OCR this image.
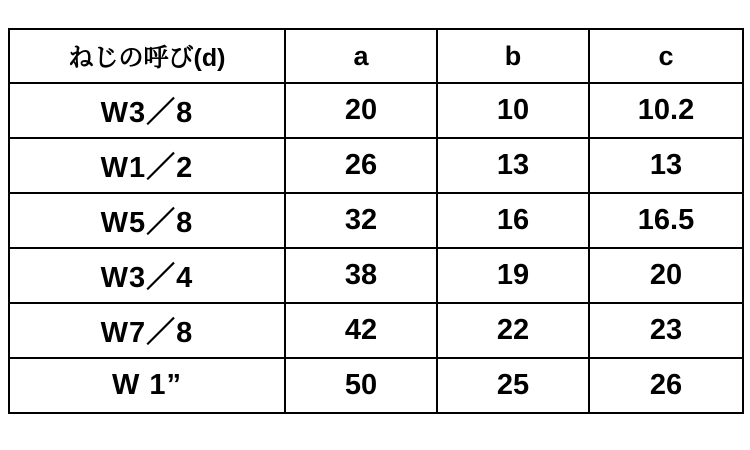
ねじの呼び(d)	a	b	c
W3／8	20	10	10.2
W1／2	26	13	13
W5／8	32	16	16.5
W3／4	38	19	20
W7／8	42	22	23
W 1”	50	25	26
